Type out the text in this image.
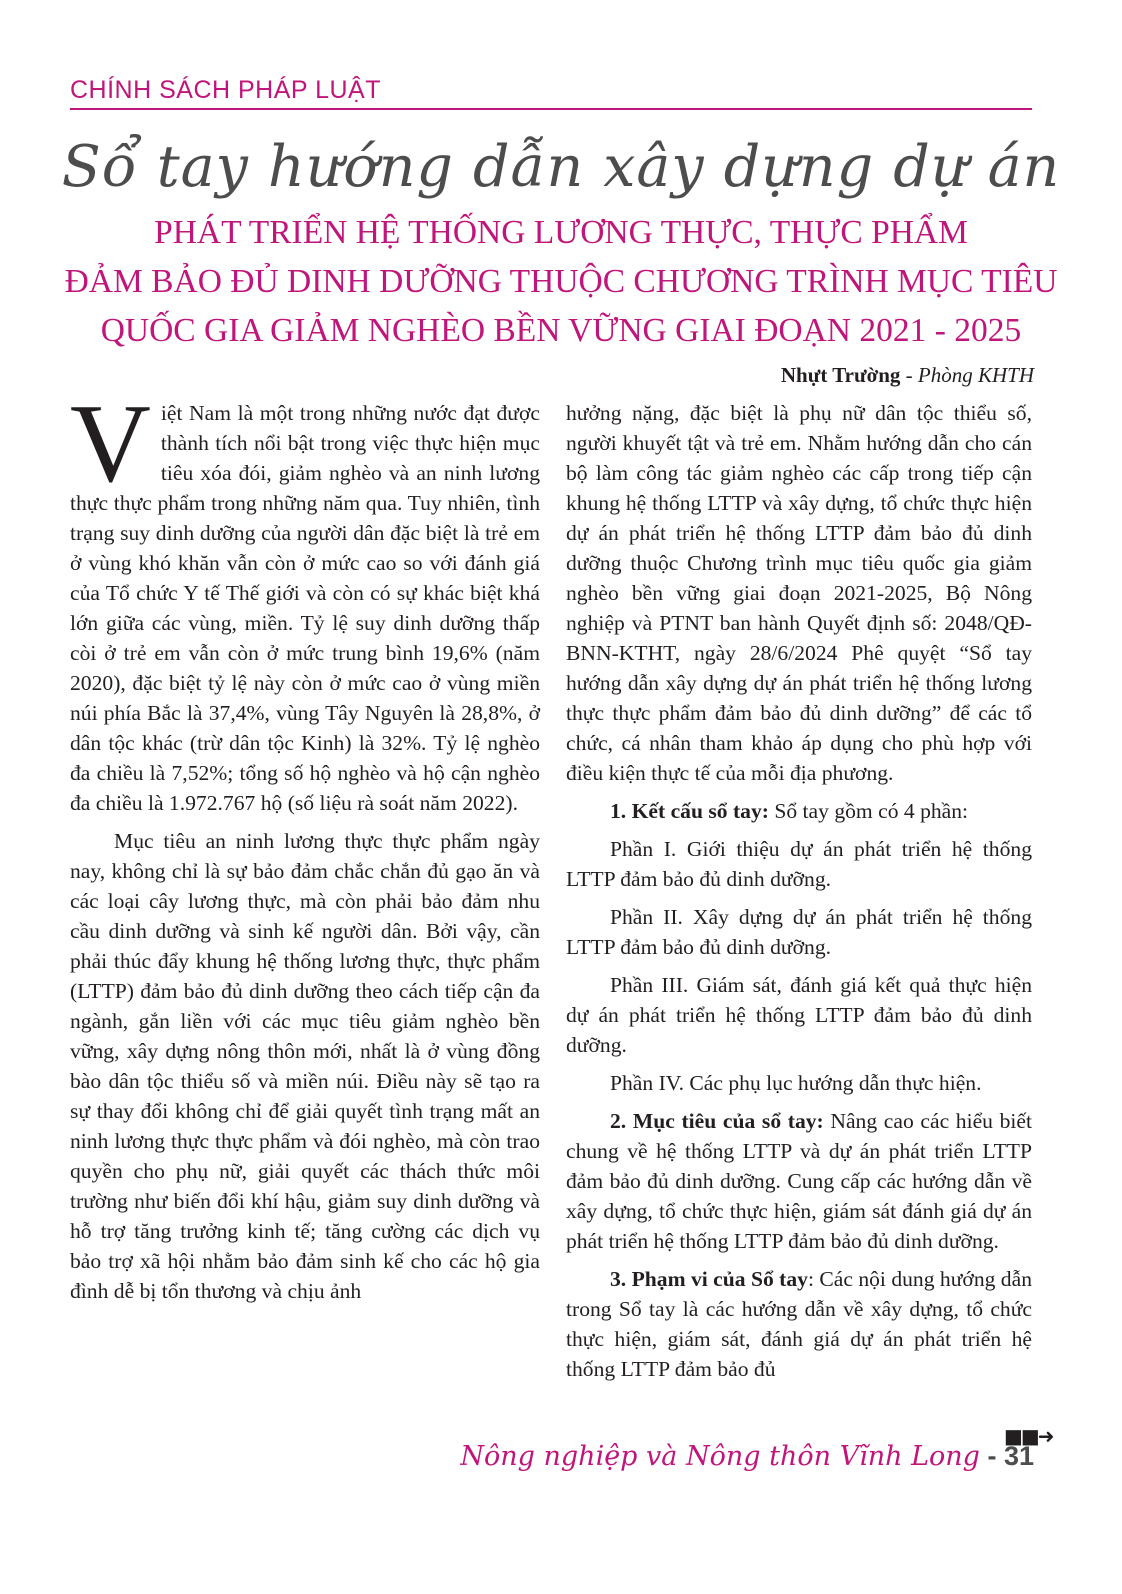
CHÍNH SÁCH PHÁP LUẬT
Sổ tay hướng dẫn xây dựng dự án
PHÁT TRIỂN HỆ THỐNG LƯƠNG THỰC, THỰC PHẨM
ĐẢM BẢO ĐỦ DINH DƯỠNG THUỘC CHƯƠNG TRÌNH MỤC TIÊU
QUỐC GIA GIẢM NGHÈO BỀN VỮNG GIAI ĐOẠN 2021 - 2025
Nhựt Trường - Phòng KHTH

Việt Nam là một trong những nước đạt được thành tích nổi bật trong việc thực hiện mục tiêu xóa đói, giảm nghèo và an ninh lương thực thực phẩm trong những năm qua. Tuy nhiên, tình trạng suy dinh dưỡng của người dân đặc biệt là trẻ em ở vùng khó khăn vẫn còn ở mức cao so với đánh giá của Tổ chức Y tế Thế giới và còn có sự khác biệt khá lớn giữa các vùng, miền. Tỷ lệ suy dinh dưỡng thấp còi ở trẻ em vẫn còn ở mức trung bình 19,6% (năm 2020), đặc biệt tỷ lệ này còn ở mức cao ở vùng miền núi phía Bắc là 37,4%, vùng Tây Nguyên là 28,8%, ở dân tộc khác (trừ dân tộc Kinh) là 32%. Tỷ lệ nghèo đa chiều là 7,52%; tổng số hộ nghèo và hộ cận nghèo đa chiều là 1.972.767 hộ (số liệu rà soát năm 2022).

Mục tiêu an ninh lương thực thực phẩm ngày nay, không chỉ là sự bảo đảm chắc chắn đủ gạo ăn và các loại cây lương thực, mà còn phải bảo đảm nhu cầu dinh dưỡng và sinh kế người dân. Bởi vậy, cần phải thúc đẩy khung hệ thống lương thực, thực phẩm (LTTP) đảm bảo đủ dinh dưỡng theo cách tiếp cận đa ngành, gắn liền với các mục tiêu giảm nghèo bền vững, xây dựng nông thôn mới, nhất là ở vùng đồng bào dân tộc thiểu số và miền núi. Điều này sẽ tạo ra sự thay đổi không chỉ để giải quyết tình trạng mất an ninh lương thực thực phẩm và đói nghèo, mà còn trao quyền cho phụ nữ, giải quyết các thách thức môi trường như biến đổi khí hậu, giảm suy dinh dưỡng và hỗ trợ tăng trưởng kinh tế; tăng cường các dịch vụ bảo trợ xã hội nhằm bảo đảm sinh kế cho các hộ gia đình dễ bị tổn thương và chịu ảnh

hưởng nặng, đặc biệt là phụ nữ dân tộc thiểu số, người khuyết tật và trẻ em. Nhằm hướng dẫn cho cán bộ làm công tác giảm nghèo các cấp trong tiếp cận khung hệ thống LTTP và xây dựng, tổ chức thực hiện dự án phát triển hệ thống LTTP đảm bảo đủ dinh dưỡng thuộc Chương trình mục tiêu quốc gia giảm nghèo bền vững giai đoạn 2021-2025, Bộ Nông nghiệp và PTNT ban hành Quyết định số: 2048/QĐ-BNN-KTHT, ngày 28/6/2024 Phê quyệt “Sổ tay hướng dẫn xây dựng dự án phát triển hệ thống lương thực thực phẩm đảm bảo đủ dinh dưỡng” để các tổ chức, cá nhân tham khảo áp dụng cho phù hợp với điều kiện thực tế của mỗi địa phương.

1. Kết cấu sổ tay: Sổ tay gồm có 4 phần:

Phần I. Giới thiệu dự án phát triển hệ thống LTTP đảm bảo đủ dinh dưỡng.

Phần II. Xây dựng dự án phát triển hệ thống LTTP đảm bảo đủ dinh dưỡng.

Phần III. Giám sát, đánh giá kết quả thực hiện dự án phát triển hệ thống LTTP đảm bảo đủ dinh dưỡng.

Phần IV. Các phụ lục hướng dẫn thực hiện.

2. Mục tiêu của sổ tay: Nâng cao các hiểu biết chung về hệ thống LTTP và dự án phát triển LTTP đảm bảo đủ dinh dưỡng. Cung cấp các hướng dẫn về xây dựng, tổ chức thực hiện, giám sát đánh giá dự án phát triển hệ thống LTTP đảm bảo đủ dinh dưỡng.

3. Phạm vi của Sổ tay: Các nội dung hướng dẫn trong Sổ tay là các hướng dẫn về xây dựng, tổ chức thực hiện, giám sát, đánh giá dự án phát triển hệ thống LTTP đảm bảo đủ

■■➜
Nông nghiệp và Nông thôn Vĩnh Long - 31
